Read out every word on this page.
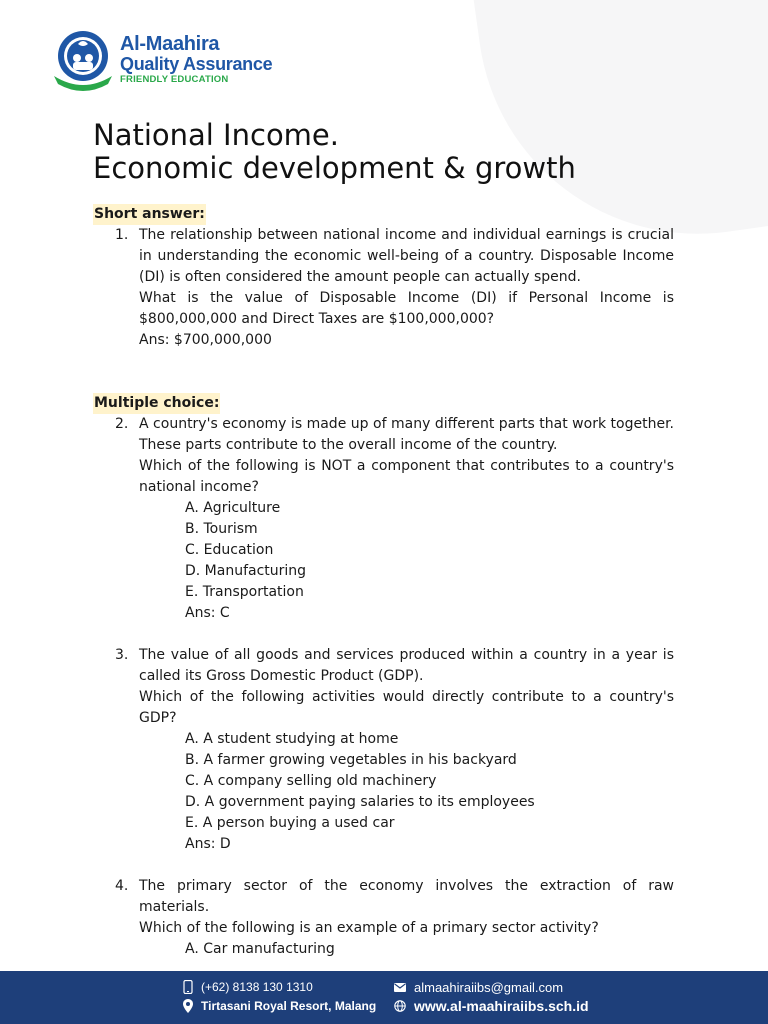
Al-Maahira
Quality Assurance
FRIENDLY EDUCATION
National Income.
Economic development & growth
Short answer:
1. The relationship between national income and individual earnings is crucial in understanding the economic well-being of a country. Disposable Income (DI) is often considered the amount people can actually spend.

What is the value of Disposable Income (DI) if Personal Income is $800,000,000 and Direct Taxes are $100,000,000?

Ans: $700,000,000

Multiple choice:
2. A country's economy is made up of many different parts that work together. These parts contribute to the overall income of the country.

Which of the following is NOT a component that contributes to a country's national income?

A. Agriculture
B. Tourism
C. Education
D. Manufacturing
E. Transportation
Ans: C
3. The value of all goods and services produced within a country in a year is called its Gross Domestic Product (GDP).

Which of the following activities would directly contribute to a country's GDP?

A. A student studying at home
B. A farmer growing vegetables in his backyard
C. A company selling old machinery
D. A government paying salaries to its employees
E. A person buying a used car
Ans: D
4. The primary sector of the economy involves the extraction of raw materials.

Which of the following is an example of a primary sector activity?

A. Car manufacturing
(+62) 8138 130 1310
Tirtasani Royal Resort, Malang
almaahiraiibs@gmail.com
www.al-maahiraiibs.sch.id
